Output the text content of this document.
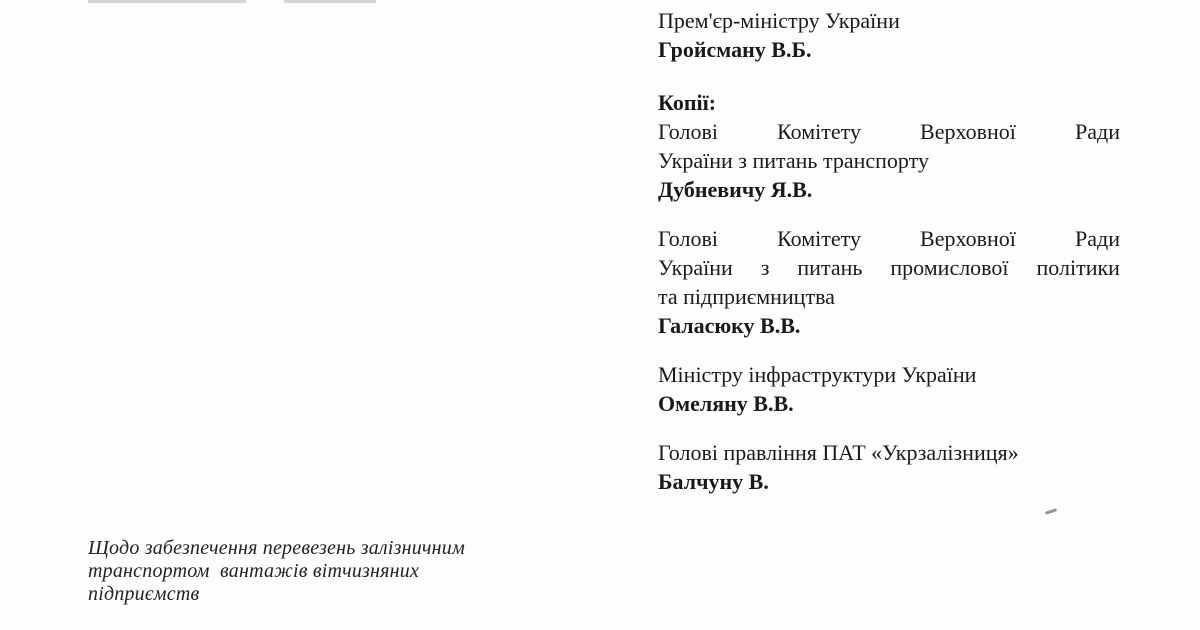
Прем'єр-міністру України
Гройсману В.Б.
Копії:
Голові	Комітету	Верховної	Ради
України з питань транспорту
Дубневичу Я.В.
Голові	Комітету	Верховної	Ради
України з питань промислової політики
та підприємництва
Галасюку В.В.
Міністру інфраструктури України
Омеляну В.В.
Голові правління ПАТ «Укрзалізниця»
Балчуну В.
Щодо забезпечення перевезень залізничним
транспортом  вантажів вітчизняних
підприємств
